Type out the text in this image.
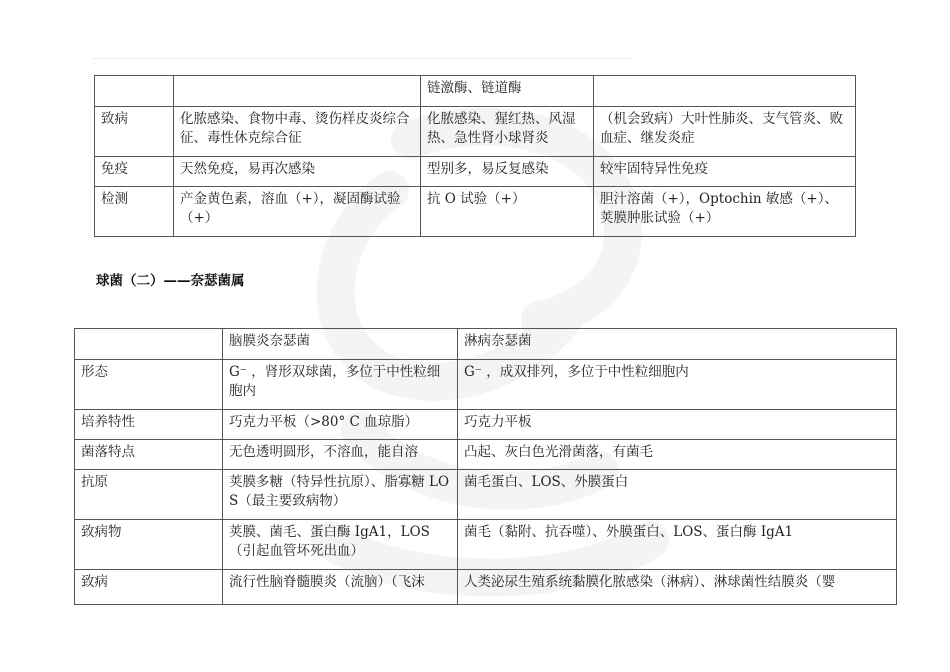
		链激酶、链道酶	
致病	化脓感染、食物中毒、烫伤样皮炎综合征、毒性休克综合征	化脓感染、猩红热、风湿热、急性肾小球肾炎	（机会致病）大叶性肺炎、支气管炎、败血症、继发炎症
免疫	天然免疫，易再次感染	型别多，易反复感染	较牢固特异性免疫
检测	产金黄色素，溶血（+），凝固酶试验（+）	抗 O 试验（+）	胆汁溶菌（+），Optochin 敏感（+）、荚膜肿胀试验（+）
球菌（二）——奈瑟菌属
	脑膜炎奈瑟菌	淋病奈瑟菌
形态	G⁻ ，肾形双球菌，多位于中性粒细胞内	G⁻ ，成双排列，多位于中性粒细胞内
培养特性	巧克力平板（>80° C 血琼脂）	巧克力平板
菌落特点	无色透明圆形，不溶血，能自溶	凸起、灰白色光滑菌落，有菌毛
抗原	荚膜多糖（特异性抗原）、脂寡糖 LOS（最主要致病物）	菌毛蛋白、LOS、外膜蛋白
致病物	荚膜、菌毛、蛋白酶 IgA1，LOS（引起血管坏死出血）	菌毛（黏附、抗吞噬）、外膜蛋白、LOS、蛋白酶 IgA1
致病	流行性脑脊髓膜炎（流脑）（飞沫	人类泌尿生殖系统黏膜化脓感染（淋病）、淋球菌性结膜炎（婴
